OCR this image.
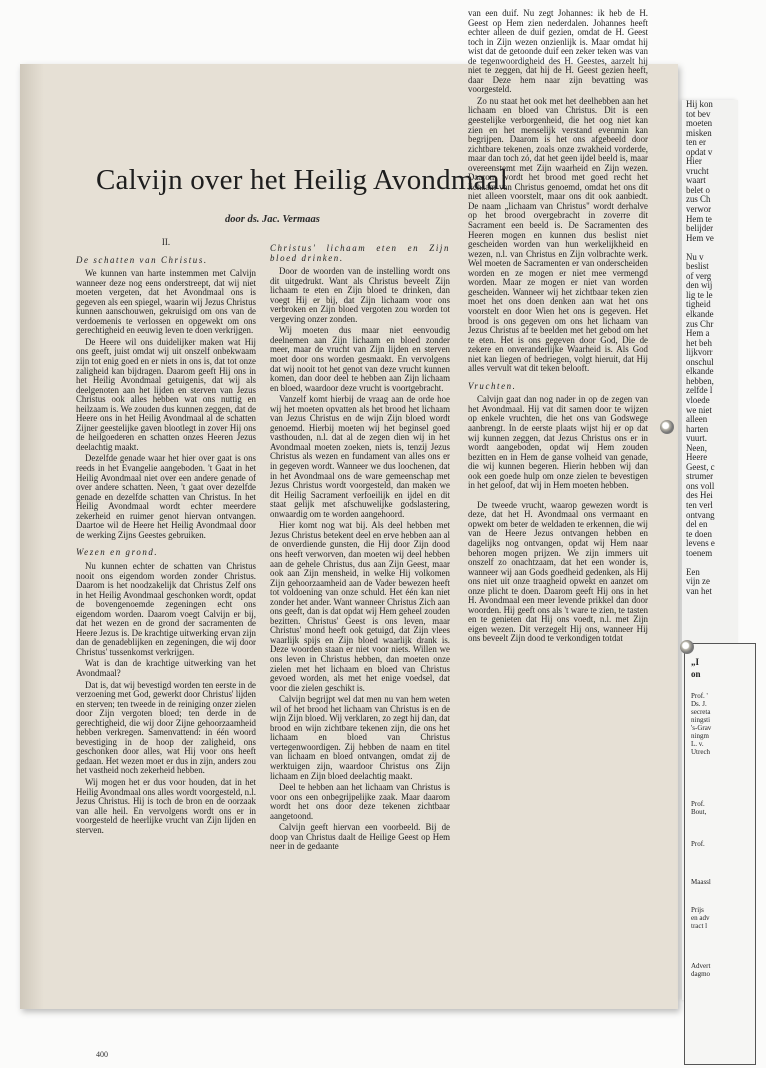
Calvijn over het Heilig Avondmaal

door ds. Jac. Vermaas

II.

De schatten van Christus.

We kunnen van harte instemmen met Calvijn wanneer deze nog eens onderstreept, dat wij niet moeten vergeten, dat het Avondmaal ons is gegeven als een spiegel, waarin wij Jezus Christus kunnen aanschouwen, gekruisigd om ons van de verdoemenis te verlossen en opgewekt om ons gerechtigheid en eeuwig leven te doen verkrijgen.

De Heere wil ons duidelijker maken wat Hij ons geeft, juist omdat wij uit onszelf onbekwaam zijn tot enig goed en er niets in ons is, dat tot onze zaligheid kan bijdragen. Daarom geeft Hij ons in het Heilig Avondmaal getuigenis, dat wij als deelgenoten aan het lijden en sterven van Jezus Christus ook alles hebben wat ons nuttig en heilzaam is. We zouden dus kunnen zeggen, dat de Heere ons in het Heilig Avondmaal al de schatten Zijner geestelijke gaven blootlegt in zover Hij ons de heilgoederen en schatten onzes Heeren Jezus deelachtig maakt.

Dezelfde genade waar het hier over gaat is ons reeds in het Evangelie aangeboden. 't Gaat in het Heilig Avondmaal niet over een andere genade of over andere schatten. Neen, 't gaat over dezelfde genade en dezelfde schatten van Christus. In het Heilig Avondmaal wordt echter meerdere zekerheid en ruimer genot hiervan ontvangen. Daartoe wil de Heere het Heilig Avondmaal door de werking Zijns Geestes gebruiken.

Wezen en grond.

Nu kunnen echter de schatten van Christus nooit ons eigendom worden zonder Christus. Daarom is het noodzakelijk dat Christus Zelf ons in het Heilig Avondmaal geschonken wordt, opdat de bovengenoemde zegeningen echt ons eigendom worden. Daarom voegt Calvijn er bij, dat het wezen en de grond der sacramenten de Heere Jezus is. De krachtige uitwerking ervan zijn dan de genadeblijken en zegeningen, die wij door Christus' tussenkomst verkrijgen.

Wat is dan de krachtige uitwerking van het Avondmaal?

Dat is, dat wij bevestigd worden ten eerste in de verzoening met God, gewerkt door Christus' lijden en sterven; ten tweede in de reiniging onzer zielen door Zijn vergoten bloed; ten derde in de gerechtigheid, die wij door Zijne gehoorzaamheid hebben verkregen. Samenvattend: in één woord bevestiging in de hoop der zaligheid, ons geschonken door alles, wat Hij voor ons heeft gedaan. Het wezen moet er dus in zijn, anders zou het vastheid noch zekerheid hebben.

Wij mogen het er dus voor houden, dat in het Heilig Avondmaal ons alles wordt voorgesteld, n.l. Jezus Christus. Hij is toch de bron en de oorzaak van alle heil. En vervolgens wordt ons er in voorgesteld de heerlijke vrucht van Zijn lijden en sterven.

Christus' lichaam eten en Zijn bloed drinken.

Door de woorden van de instelling wordt ons dit uitgedrukt. Want als Christus beveelt Zijn lichaam te eten en Zijn bloed te drinken, dan voegt Hij er bij, dat Zijn lichaam voor ons verbroken en Zijn bloed vergoten zou worden tot vergeving onzer zonden.

Wij moeten dus maar niet eenvoudig deelnemen aan Zijn lichaam en bloed zonder meer, maar de vrucht van Zijn lijden en sterven moet door ons worden gesmaakt. En vervolgens dat wij nooit tot het genot van deze vrucht kunnen komen, dan door deel te hebben aan Zijn lichaam en bloed, waardoor deze vrucht is voortgebracht.

Vanzelf komt hierbij de vraag aan de orde hoe wij het moeten opvatten als het brood het lichaam van Jezus Christus en de wijn Zijn bloed wordt genoemd. Hierbij moeten wij het beginsel goed vasthouden, n.l. dat al de zegen dien wij in het Avondmaal moeten zoeken, niets is, tenzij Jezus Christus als wezen en fundament van alles ons er in gegeven wordt. Wanneer we dus loochenen, dat in het Avondmaal ons de ware gemeenschap met Jezus Christus wordt voorgesteld, dan maken we dit Heilig Sacrament verfoeilijk en ijdel en dit staat gelijk met afschuwelijke godslastering, onwaardig om te worden aangehoord.

Hier komt nog wat bij. Als deel hebben met Jezus Christus betekent deel en erve hebben aan al de onverdiende gunsten, die Hij door Zijn dood ons heeft verworven, dan moeten wij deel hebben aan de gehele Christus, dus aan Zijn Geest, maar ook aan Zijn mensheid, in welke Hij volkomen Zijn gehoorzaamheid aan de Vader bewezen heeft tot voldoening van onze schuld. Het één kan niet zonder het ander. Want wanneer Christus Zich aan ons geeft, dan is dat opdat wij Hem geheel zouden bezitten. Christus' Geest is ons leven, maar Christus' mond heeft ook getuigd, dat Zijn vlees waarlijk spijs en Zijn bloed waarlijk drank is. Deze woorden staan er niet voor niets. Willen we ons leven in Christus hebben, dan moeten onze zielen met het lichaam en bloed van Christus gevoed worden, als met het enige voedsel, dat voor die zielen geschikt is.

Calvijn begrijpt wel dat men nu van hem weten wil of het brood het lichaam van Christus is en de wijn Zijn bloed. Wij verklaren, zo zegt hij dan, dat brood en wijn zichtbare tekenen zijn, die ons het lichaam en bloed van Christus vertegenwoordigen. Zij hebben de naam en titel van lichaam en bloed ontvangen, omdat zij de werktuigen zijn, waardoor Christus ons Zijn lichaam en Zijn bloed deelachtig maakt.

Deel te hebben aan het lichaam van Christus is voor ons een onbegrijpelijke zaak. Maar daarom wordt het ons door deze tekenen zichtbaar aangetoond.

Calvijn geeft hiervan een voorbeeld. Bij de doop van Christus daalt de Heilige Geest op Hem neer in de gedaante

van een duif. Nu zegt Johannes: ik heb de H. Geest op Hem zien nederdalen. Johannes heeft echter alleen de duif gezien, omdat de H. Geest toch in Zijn wezen onzienlijk is. Maar omdat hij wist dat de getoonde duif een zeker teken was van de tegenwoordigheid des H. Geestes, aarzelt hij niet te zeggen, dat hij de H. Geest gezien heeft, daar Deze hem naar zijn bevatting was voorgesteld.

Zo nu staat het ook met het deelhebben aan het lichaam en bloed van Christus. Dit is een geestelijke verborgenheid, die het oog niet kan zien en het menselijk verstand evenmin kan begrijpen. Daarom is het ons afgebeeld door zichtbare tekenen, zoals onze zwakheid vorderde, maar dan toch zó, dat het geen ijdel beeld is, maar overeenstemt met Zijn waarheid en Zijn wezen. Daarom wordt het brood met goed recht het lichaam van Christus genoemd, omdat het ons dit niet alleen voorstelt, maar ons dit ook aanbiedt. De naam „lichaam van Christus" wordt derhalve op het brood overgebracht in zoverre dit Sacrament een beeld is. De Sacramenten des Heeren mogen en kunnen dus beslist niet gescheiden worden van hun werkelijkheid en wezen, n.l. van Christus en Zijn volbrachte werk. Wel moeten de Sacramenten er van onderscheiden worden en ze mogen er niet mee vermengd worden. Maar ze mogen er niet van worden gescheiden. Wanneer wij het zichtbaar teken zien moet het ons doen denken aan wat het ons voorstelt en door Wien het ons is gegeven. Het brood is ons gegeven om ons het lichaam van Jezus Christus af te beelden met het gebod om het te eten. Het is ons gegeven door God, Die de zekere en onveranderlijke Waarheid is. Als God niet kan liegen of bedriegen, volgt hieruit, dat Hij alles vervult wat dit teken belooft.

Vruchten.

Calvijn gaat dan nog nader in op de zegen van het Avondmaal. Hij vat dit samen door te wijzen op enkele vruchten, die het ons van Godswege aanbrengt. In de eerste plaats wijst hij er op dat wij kunnen zeggen, dat Jezus Christus ons er in wordt aangeboden, opdat wij Hem zouden bezitten en in Hem de ganse volheid van genade, die wij kunnen begeren. Hierin hebben wij dan ook een goede hulp om onze zielen te bevestigen in het geloof, dat wij in Hem moeten hebben.

De tweede vrucht, waarop gewezen wordt is deze, dat het H. Avondmaal ons vermaant en opwekt om beter de weldaden te erkennen, die wij van de Heere Jezus ontvangen hebben en dagelijks nog ontvangen, opdat wij Hem naar behoren mogen prijzen. We zijn immers uit onszelf zo onachtzaam, dat het een wonder is, wanneer wij aan Gods goedheid gedenken, als Hij ons niet uit onze traagheid opwekt en aanzet om onze plicht te doen. Daarom geeft Hij ons in het H. Avondmaal een meer levende prikkel dan door woorden. Hij geeft ons als 't ware te zien, te tasten en te genieten dat Hij ons voedt, n.l. met Zijn eigen wezen. Dit verzegelt Hij ons, wanneer Hij ons beveelt Zijn dood te verkondigen totdat

400

Hij kon

tot bev

moeten

misken

ten er

opdat v

Hier

vrucht

waart

belet o

zus Ch

verwor

Hem te

belijder

Hem ve

Nu v

beslist

of verg

den wij

lig te le

tigheid

elkande

zus Chr

Hem a

het beh

lijkvorr

onschul

elkande

hebben,

zelfde l

vloede

we niet

alleen

harten

vuurt.

Neen,

Heere

Geest, c

strumer

ons voll

des Hei

ten verl

ontvang

del en

te doen

levens e

toenem

Een

vijn ze

van het

„I
on
Prof. '
Ds. J.
secreta
ningsti
's-Grav
ningm
L. v.
Utrech
Prof.
Bout,
Prof.
Maassl
Prijs
en adv
tract l
Advert
dagmo
